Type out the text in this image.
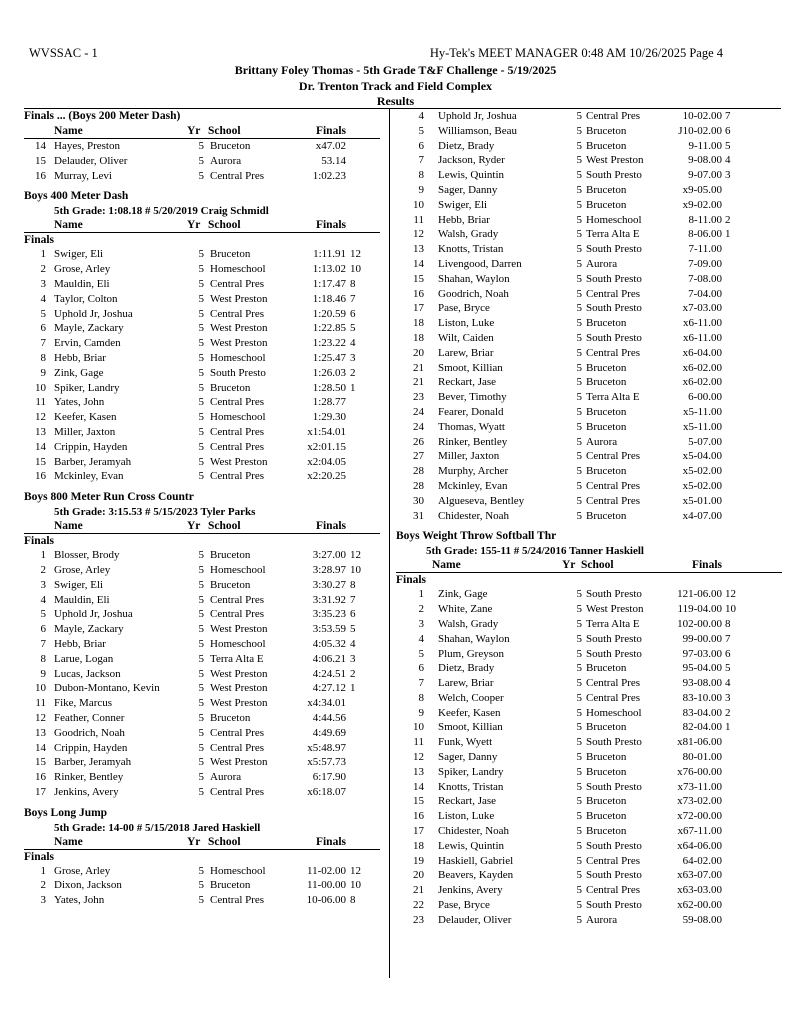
WVSSAC - 1	Hy-Tek's MEET MANAGER 0:48 AM 10/26/2025 Page 4
Brittany Foley Thomas - 5th Grade T&F Challenge - 5/19/2025
Dr. Trenton Track and Field Complex
Results
Finals ... (Boys 200 Meter Dash)
Name	Yr School	Finals
14 Hayes, Preston	5 Bruceton	x47.02
15 Delauder, Oliver	5 Aurora	53.14
16 Murray, Levi	5 Central Pres	1:02.23
Boys 400 Meter Dash
5th Grade: 1:08.18 # 5/20/2019 Craig Schmidl
Name	Yr School	Finals
Finals
1 Swiger, Eli	5 Bruceton	1:11.91 12
2 Grose, Arley	5 Homeschool	1:13.02 10
3 Mauldin, Eli	5 Central Pres	1:17.47 8
4 Taylor, Colton	5 West Preston	1:18.46 7
5 Uphold Jr, Joshua	5 Central Pres	1:20.59 6
6 Mayle, Zackary	5 West Preston	1:22.85 5
7 Ervin, Camden	5 West Preston	1:23.22 4
8 Hebb, Briar	5 Homeschool	1:25.47 3
9 Zink, Gage	5 South Presto	1:26.03 2
10 Spiker, Landry	5 Bruceton	1:28.50 1
11 Yates, John	5 Central Pres	1:28.77
12 Keefer, Kasen	5 Homeschool	1:29.30
13 Miller, Jaxton	5 Central Pres	x1:54.01
14 Crippin, Hayden	5 Central Pres	x2:01.15
15 Barber, Jeramyah	5 West Preston	x2:04.05
16 Mckinley, Evan	5 Central Pres	x2:20.25
Boys 800 Meter Run Cross Countr
5th Grade: 3:15.53 # 5/15/2023 Tyler Parks
Name	Yr School	Finals
Finals
1 Blosser, Brody	5 Bruceton	3:27.00 12
2 Grose, Arley	5 Homeschool	3:28.97 10
3 Swiger, Eli	5 Bruceton	3:30.27 8
4 Mauldin, Eli	5 Central Pres	3:31.92 7
5 Uphold Jr, Joshua	5 Central Pres	3:35.23 6
6 Mayle, Zackary	5 West Preston	3:53.59 5
7 Hebb, Briar	5 Homeschool	4:05.32 4
8 Larue, Logan	5 Terra Alta E	4:06.21 3
9 Lucas, Jackson	5 West Preston	4:24.51 2
10 Dubon-Montano, Kevin	5 West Preston	4:27.12 1
11 Fike, Marcus	5 West Preston	x4:34.01
12 Feather, Conner	5 Bruceton	4:44.56
13 Goodrich, Noah	5 Central Pres	4:49.69
14 Crippin, Hayden	5 Central Pres	x5:48.97
15 Barber, Jeramyah	5 West Preston	x5:57.73
16 Rinker, Bentley	5 Aurora	6:17.90
17 Jenkins, Avery	5 Central Pres	x6:18.07
Boys Long Jump
5th Grade: 14-00 # 5/15/2018 Jared Haskiell
Name	Yr School	Finals
Finals
1 Grose, Arley	5 Homeschool	11-02.00 12
2 Dixon, Jackson	5 Bruceton	11-00.00 10
3 Yates, John	5 Central Pres	10-06.00 8
4 Uphold Jr, Joshua	5 Central Pres	10-02.00 7
5 Williamson, Beau	5 Bruceton	J10-02.00 6
6 Dietz, Brady	5 Bruceton	9-11.00 5
7 Jackson, Ryder	5 West Preston	9-08.00 4
8 Lewis, Quintin	5 South Presto	9-07.00 3
9 Sager, Danny	5 Bruceton	x9-05.00
10 Swiger, Eli	5 Bruceton	x9-02.00
11 Hebb, Briar	5 Homeschool	8-11.00 2
12 Walsh, Grady	5 Terra Alta E	8-06.00 1
13 Knotts, Tristan	5 South Presto	7-11.00
14 Livengood, Darren	5 Aurora	7-09.00
15 Shahan, Waylon	5 South Presto	7-08.00
16 Goodrich, Noah	5 Central Pres	7-04.00
17 Pase, Bryce	5 South Presto	x7-03.00
18 Liston, Luke	5 Bruceton	x6-11.00
18 Wilt, Caiden	5 South Presto	x6-11.00
20 Larew, Briar	5 Central Pres	x6-04.00
21 Smoot, Killian	5 Bruceton	x6-02.00
21 Reckart, Jase	5 Bruceton	x6-02.00
23 Bever, Timothy	5 Terra Alta E	6-00.00
24 Fearer, Donald	5 Bruceton	x5-11.00
24 Thomas, Wyatt	5 Bruceton	x5-11.00
26 Rinker, Bentley	5 Aurora	5-07.00
27 Miller, Jaxton	5 Central Pres	x5-04.00
28 Murphy, Archer	5 Bruceton	x5-02.00
28 Mckinley, Evan	5 Central Pres	x5-02.00
30 Algueseva, Bentley	5 Central Pres	x5-01.00
31 Chidester, Noah	5 Bruceton	x4-07.00
Boys Weight Throw Softball Thr
5th Grade: 155-11 # 5/24/2016 Tanner Haskiell
Name	Yr School	Finals
Finals
1 Zink, Gage	5 South Presto	121-06.00 12
2 White, Zane	5 West Preston	119-04.00 10
3 Walsh, Grady	5 Terra Alta E	102-00.00 8
4 Shahan, Waylon	5 South Presto	99-00.00 7
5 Plum, Greyson	5 South Presto	97-03.00 6
6 Dietz, Brady	5 Bruceton	95-04.00 5
7 Larew, Briar	5 Central Pres	93-08.00 4
8 Welch, Cooper	5 Central Pres	83-10.00 3
9 Keefer, Kasen	5 Homeschool	83-04.00 2
10 Smoot, Killian	5 Bruceton	82-04.00 1
11 Funk, Wyett	5 South Presto	x81-06.00
12 Sager, Danny	5 Bruceton	80-01.00
13 Spiker, Landry	5 Bruceton	x76-00.00
14 Knotts, Tristan	5 South Presto	x73-11.00
15 Reckart, Jase	5 Bruceton	x73-02.00
16 Liston, Luke	5 Bruceton	x72-00.00
17 Chidester, Noah	5 Bruceton	x67-11.00
18 Lewis, Quintin	5 South Presto	x64-06.00
19 Haskiell, Gabriel	5 Central Pres	64-02.00
20 Beavers, Kayden	5 South Presto	x63-07.00
21 Jenkins, Avery	5 Central Pres	x63-03.00
22 Pase, Bryce	5 South Presto	x62-00.00
23 Delauder, Oliver	5 Aurora	59-08.00
